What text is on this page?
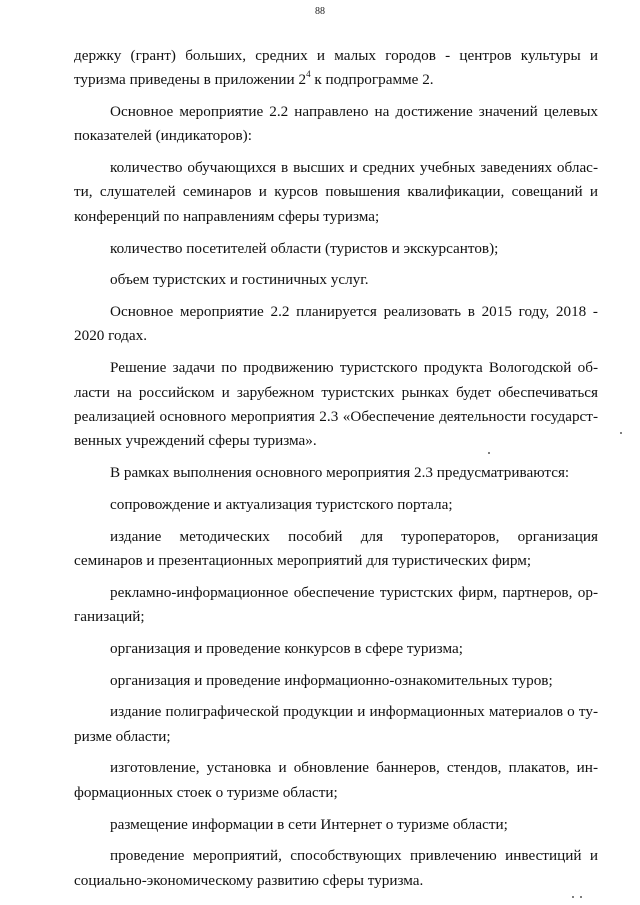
88

держку (грант) больших, средних и малых городов - центров культуры и туризма приведены в приложении $2^4$ к подпрограмме 2.

Основное мероприятие 2.2 направлено на достижение значений целевых показателей (индикаторов):

количество обучающихся в высших и средних учебных заведениях области, слушателей семинаров и курсов повышения квалификации, совещаний и конференций по направлениям сферы туризма;

количество посетителей области (туристов и экскурсантов);

объем туристских и гостиничных услуг.

Основное мероприятие 2.2 планируется реализовать в 2015 году, 2018 - 2020 годах.

Решение задачи по продвижению туристского продукта Вологодской области на российском и зарубежном туристских рынках будет обеспечиваться реализацией основного мероприятия 2.3 «Обеспечение деятельности государственных учреждений сферы туризма».

В рамках выполнения основного мероприятия 2.3 предусматриваются:

сопровождение и актуализация туристского портала;

издание методических пособий для туроператоров, организация семинаров и презентационных мероприятий для туристических фирм;

рекламно-информационное обеспечение туристских фирм, партнеров, организаций;

организация и проведение конкурсов в сфере туризма;

организация и проведение информационно-ознакомительных туров;

издание полиграфической продукции и информационных материалов о туризме области;

изготовление, установка и обновление баннеров, стендов, плакатов, информационных стоек о туризме области;

размещение информации в сети Интернет о туризме области;

проведение мероприятий, способствующих привлечению инвестиций и социально-экономическому развитию сферы туризма.
